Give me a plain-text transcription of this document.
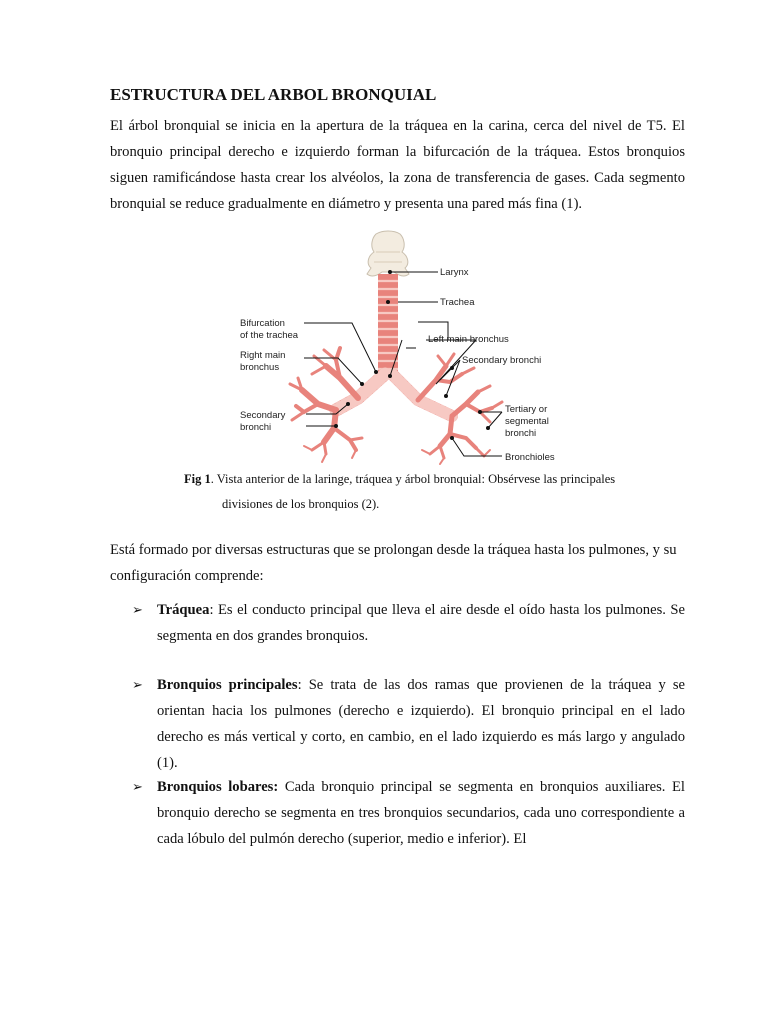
ESTRUCTURA DEL ARBOL BRONQUIAL

El árbol bronquial se inicia en la apertura de la tráquea en la carina, cerca del nivel de T5. El bronquio principal derecho e izquierdo forman la bifurcación de la tráquea. Estos bronquios siguen ramificándose hasta crear los alvéolos, la zona de transferencia de gases. Cada segmento bronquial se reduce gradualmente en diámetro y presenta una pared más fina (1).

Larynx
Trachea
Bifurcation
of the trachea	Left main bronchus
Right main
bronchus
Secondary bronchi
Secondary
bronchi
Tertiary or
segmental
bronchi
Bronchioles
Fig 1. Vista anterior de la laringe, tráquea y árbol bronquial: Obsérvese las principales
divisiones de los bronquios (2).

Está formado por diversas estructuras que se prolongan desde la tráquea hasta los pulmones, y su configuración comprende:

➢ Tráquea: Es el conducto principal que lleva el aire desde el oído hasta los pulmones. Se segmenta en dos grandes bronquios.
➢ Bronquios principales: Se trata de las dos ramas que provienen de la tráquea y se orientan hacia los pulmones (derecho e izquierdo). El bronquio principal en el lado derecho es más vertical y corto, en cambio, en el lado izquierdo es más largo y angulado (1).
➢ Bronquios lobares: Cada bronquio principal se segmenta en bronquios auxiliares. El bronquio derecho se segmenta en tres bronquios secundarios, cada uno correspondiente a cada lóbulo del pulmón derecho (superior, medio e inferior). El
